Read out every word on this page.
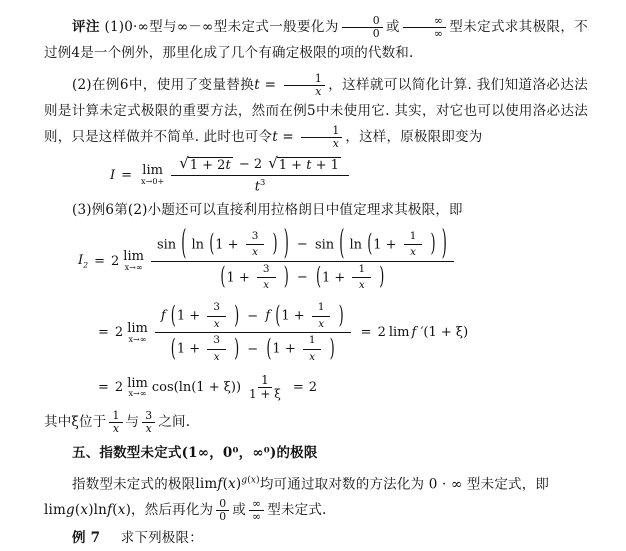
评注 (1)0·∞型与∞－∞型未定式一般要化为 $\frac{0}{0}$ 或 $\frac{\infty}{\infty}$ 型未定式求其极限，不过例4是一个例外，那里化成了几个有确定极限的项的代数和.
(2)在例6中，使用了变量替换$t = \frac{1}{x}$ ，这样就可以简化计算. 我们知道洛必达法则是计算未定式极限的重要方法，然而在例5中未使用它. 其实，对它也可以使用洛必达法则，只是这样做并不简单. 此时也可令$t = \frac{1}{x}$ ，这样，原极限即变为
I = lim
$x\to 0+ \frac{√ 1 + 2t - 2 √ 1 + t + 1}{t^3}$
(3)例6第(2)小题还可以直接利用拉格朗日中值定理求其极限，即
$I_2 = 2$ lim
x→∞
sin ( $\ln (1 + \frac{3}{x}$ ) ) − sin ( $\ln (1 + \frac{1}{x}$ ) )
($1 + \frac{3}{x}$ ) − ($1 + \frac{1}{x}$ )
= 2 lim
x→∞
f ($1 + \frac{3}{x}$ ) − f ($1 + \frac{1}{x}$ )
($1 + \frac{3}{x}$ ) − ($1 + \frac{1}{x}$ )
= 2 lim f ′ (1 + ξ)
= 2 lim
x→∞ $\cos(\ln(1 + \xi)) \frac{1}{1 + \xi} = 2$
其中ξ位于 $\frac{1}{x}$ 与 $\frac{3}{x}$ 之间.
五、指数型未定式(1∞，0⁰，∞⁰)的极限
指数型未定式的极限$\lim f(x)^{g(x)}$均可通过取对数的方法化为 0 · ∞ 型未定式，即
limg(x)lnf(x)，然后再化为 $\frac{0}{0}$ 或 $\frac{\infty}{\infty}$ 型未定式.
例 7 求下列极限：
